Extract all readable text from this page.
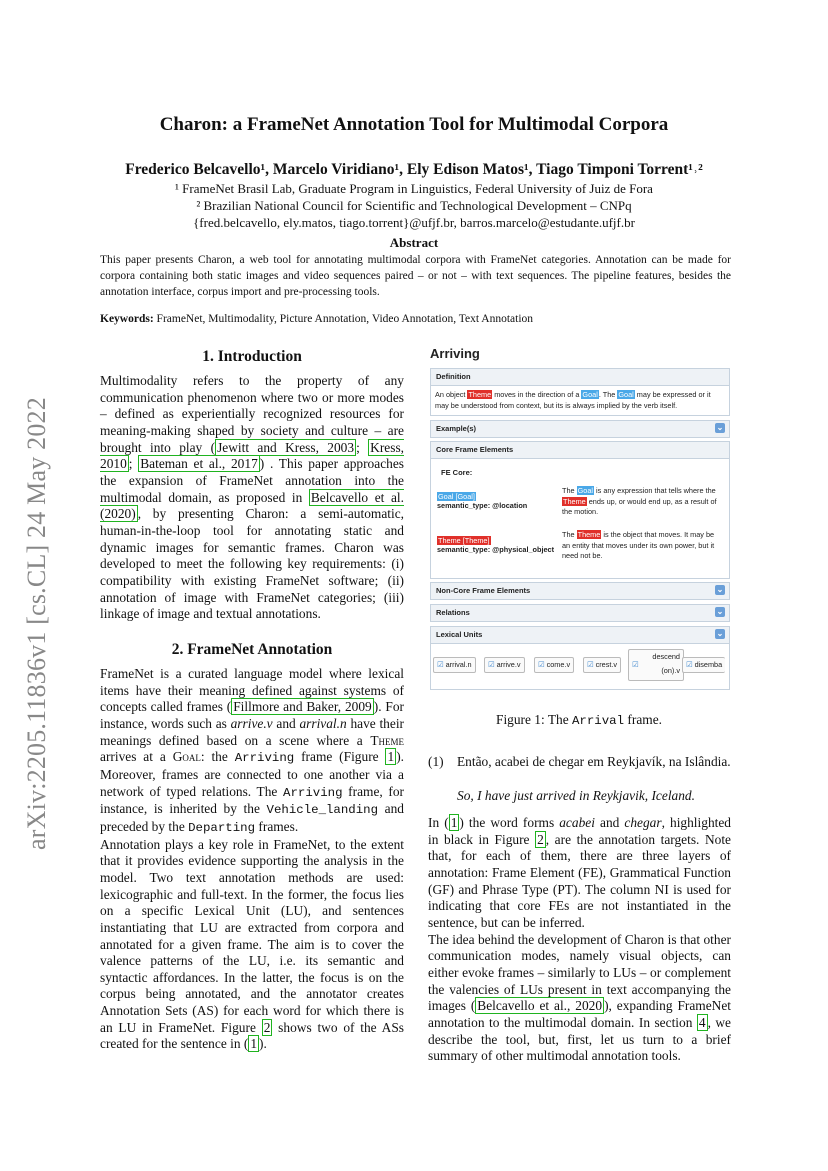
arXiv:2205.11836v1 [cs.CL] 24 May 2022
Charon: a FrameNet Annotation Tool for Multimodal Corpora
Frederico Belcavello¹, Marcelo Viridiano¹, Ely Edison Matos¹, Tiago Timponi Torrent¹˒²
¹ FrameNet Brasil Lab, Graduate Program in Linguistics, Federal University of Juiz de Fora
² Brazilian National Council for Scientific and Technological Development – CNPq
{fred.belcavello, ely.matos, tiago.torrent}@ufjf.br, barros.marcelo@estudante.ufjf.br
Abstract
This paper presents Charon, a web tool for annotating multimodal corpora with FrameNet categories. Annotation can be made for corpora containing both static images and video sequences paired – or not – with text sequences. The pipeline features, besides the annotation interface, corpus import and pre-processing tools.
Keywords: FrameNet, Multimodality, Picture Annotation, Video Annotation, Text Annotation
1. Introduction

Multimodality refers to the property of any communication phenomenon where two or more modes – defined as experientially recognized resources for meaning-making shaped by society and culture – are brought into play ( Jewitt and Kress, 2003 ; Kress, 2010 ; Bateman et al., 2017 ) . This paper approaches the expansion of FrameNet annotation into the multimodal domain, as proposed in Belcavello et al. (2020) , by presenting Charon: a semi-automatic, human-in-the-loop tool for annotating static and dynamic images for semantic frames. Charon was developed to meet the following key requirements: (i) compatibility with existing FrameNet software; (ii) annotation of image with FrameNet categories; (iii) linkage of image and textual annotations.

2. FrameNet Annotation

FrameNet is a curated language model where lexical items have their meaning defined against systems of concepts called frames ( Fillmore and Baker, 2009 ). For instance, words such as arrive.v and arrival.n have their meanings defined based on a scene where a Theme arrives at a Goal: the Arriving frame (Figure 1 ). Moreover, frames are connected to one another via a network of typed relations. The Arriving frame, for instance, is inherited by the Vehicle_landing and preceded by the Departing frames.

Annotation plays a key role in FrameNet, to the extent that it provides evidence supporting the analysis in the model. Two text annotation methods are used: lexicographic and full-text. In the former, the focus lies on a specific Lexical Unit (LU), and sentences instantiating that LU are extracted from corpora and annotated for a given frame. The aim is to cover the valence patterns of the LU, i.e. its semantic and syntactic affordances. In the latter, the focus is on the corpus being annotated, and the annotator creates Annotation Sets (AS) for each word for which there is an LU in FrameNet. Figure 2 shows two of the ASs created for the sentence in ( 1 ).

Arriving
Definition
An object Theme moves in the direction of a Goal. The Goal may be expressed or it may be understood from context, but its is always implied by the verb itself.
Example(s)	⌄
Core Frame Elements
FE Core:
Goal [Goal]
semantic_type: @location
The Goal is any expression that tells where the Theme ends up, or would end up, as a result of the motion.
Theme [Theme]
semantic_type: @physical_object
The Theme is the object that moves. It may be an entity that moves under its own power, but it need not be.
Non-Core Frame Elements	⌄
Relations	⌄
Lexical Units	⌄
☑ arrival.n	☑ arrive.v	☑ come.v	☑ crest.v	☑
descend (on).v
☑ disemba
Figure 1: The Arrival frame.
(1) Então, acabei de chegar em Reykjavík, na Islândia.
So, I have just arrived in Reykjavik, Iceland.

In ( 1 ) the word forms acabei and chegar, highlighted in black in Figure 2 , are the annotation targets. Note that, for each of them, there are three layers of annotation: Frame Element (FE), Grammatical Function (GF) and Phrase Type (PT). The column NI is used for indicating that core FEs are not instantiated in the sentence, but can be inferred.

The idea behind the development of Charon is that other communication modes, namely visual objects, can either evoke frames – similarly to LUs – or complement the valencies of LUs present in text accompanying the images ( Belcavello et al., 2020 ), expanding FrameNet annotation to the multimodal domain. In section 4 , we describe the tool, but, first, let us turn to a brief summary of other multimodal annotation tools.
